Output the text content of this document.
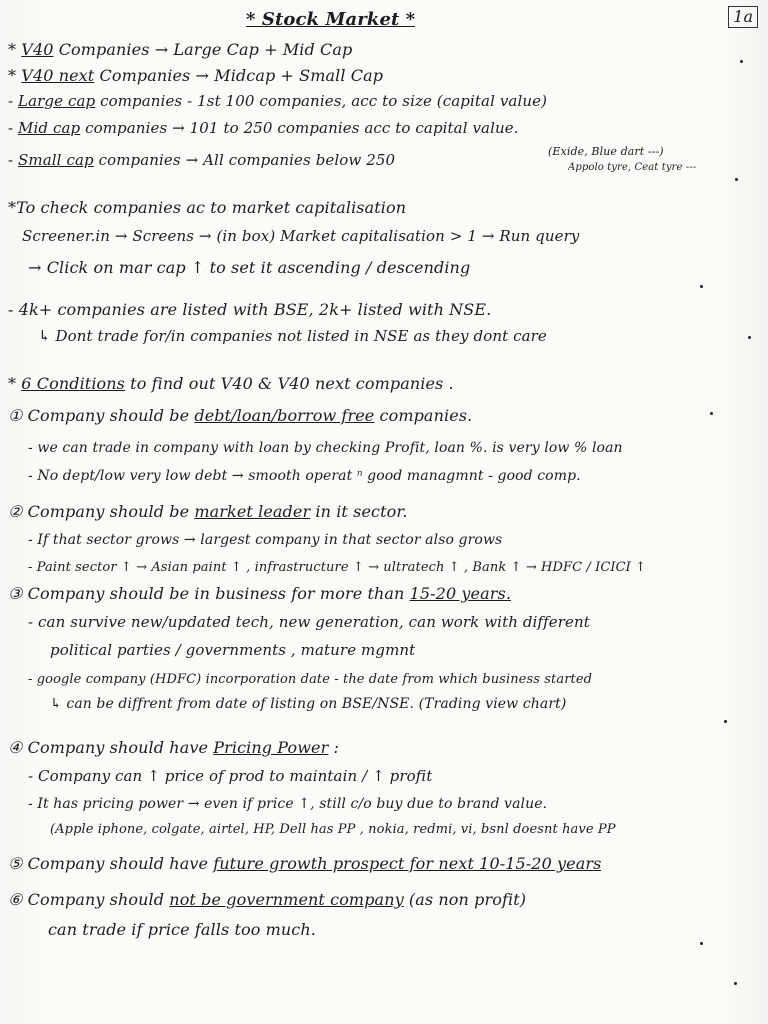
* Stock Market *	1a
* V40 Companies → Large Cap + Mid Cap
* V40 next Companies → Midcap + Small Cap
- Large cap companies - 1st 100 companies, acc to size (capital value)
- Mid cap companies → 101 to 250 companies acc to capital value.
- Small cap companies → All companies below 250	(Exide, Blue dart ---)
Appolo tyre, Ceat tyre ---
*To check companies ac to market capitalisation
Screener.in → Screens → (in box) Market capitalisation > 1 → Run query
→ Click on mar cap ↑ to set it ascending / descending
- 4k+ companies are listed with BSE, 2k+ listed with NSE.
↳ Dont trade for/in companies not listed in NSE as they dont care
* 6 Conditions to find out V40 & V40 next companies .
① Company should be debt/loan/borrow free companies.
- we can trade in company with loan by checking Profit, loan %. is very low % loan
- No dept/low very low debt → smooth operat ⁿ good managmnt - good comp.
② Company should be market leader in it sector.
- If that sector grows → largest company in that sector also grows
- Paint sector ↑ → Asian paint ↑ , infrastructure ↑ → ultratech ↑ , Bank ↑ → HDFC / ICICI ↑
③ Company should be in business for more than 15-20 years.
- can survive new/updated tech, new generation, can work with different
political parties / governments , mature mgmnt
- google company (HDFC) incorporation date - the date from which business started
↳ can be diffrent from date of listing on BSE/NSE. (Trading view chart)
④ Company should have Pricing Power :
- Company can ↑ price of prod to maintain / ↑ profit
- It has pricing power → even if price ↑, still c/o buy due to brand value.
(Apple iphone, colgate, airtel, HP, Dell has PP , nokia, redmi, vi, bsnl doesnt have PP
⑤ Company should have future growth prospect for next 10-15-20 years
⑥ Company should not be government company (as non profit)
can trade if price falls too much.
